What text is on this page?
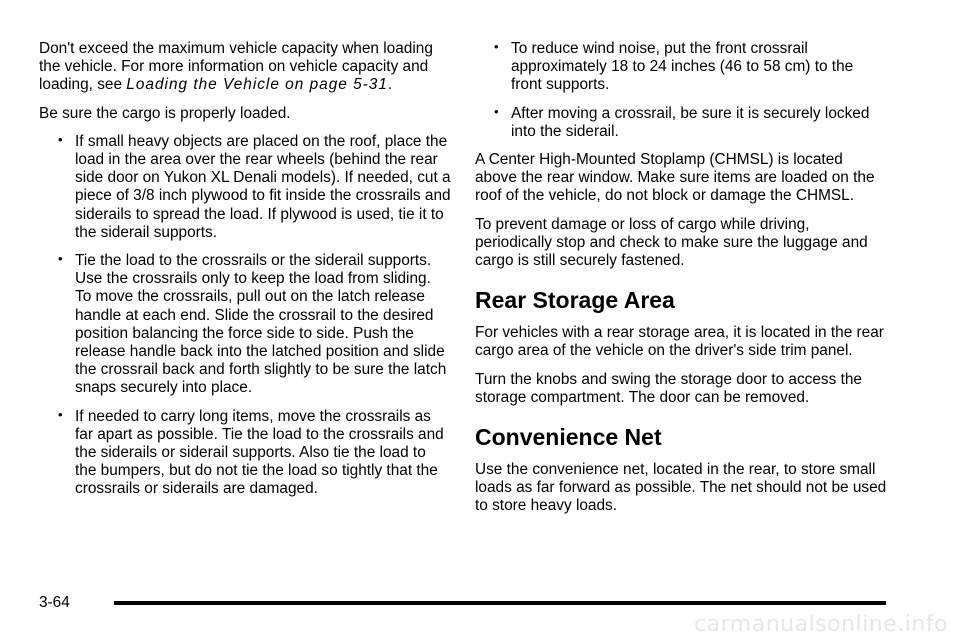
Don't exceed the maximum vehicle capacity when loading the vehicle. For more information on vehicle capacity and loading, see Loading the Vehicle on page 5-31.

Be sure the cargo is properly loaded.

• If small heavy objects are placed on the roof, place the load in the area over the rear wheels (behind the rear side door on Yukon XL Denali models). If needed, cut a piece of 3/8 inch plywood to fit inside the crossrails and siderails to spread the load. If plywood is used, tie it to the siderail supports.
• Tie the load to the crossrails or the siderail supports. Use the crossrails only to keep the load from sliding. To move the crossrails, pull out on the latch release handle at each end. Slide the crossrail to the desired position balancing the force side to side. Push the release handle back into the latched position and slide the crossrail back and forth slightly to be sure the latch snaps securely into place.
• If needed to carry long items, move the crossrails as far apart as possible. Tie the load to the crossrails and the siderails or siderail supports. Also tie the load to the bumpers, but do not tie the load so tightly that the crossrails or siderails are damaged.
• To reduce wind noise, put the front crossrail approximately 18 to 24 inches (46 to 58 cm) to the front supports.
• After moving a crossrail, be sure it is securely locked into the siderail.

A Center High-Mounted Stoplamp (CHMSL) is located above the rear window. Make sure items are loaded on the roof of the vehicle, do not block or damage the CHMSL.

To prevent damage or loss of cargo while driving, periodically stop and check to make sure the luggage and cargo is still securely fastened.

Rear Storage Area

For vehicles with a rear storage area, it is located in the rear cargo area of the vehicle on the driver's side trim panel.

Turn the knobs and swing the storage door to access the storage compartment. The door can be removed.

Convenience Net

Use the convenience net, located in the rear, to store small loads as far forward as possible. The net should not be used to store heavy loads.

3-64
carmanualsonline.info
